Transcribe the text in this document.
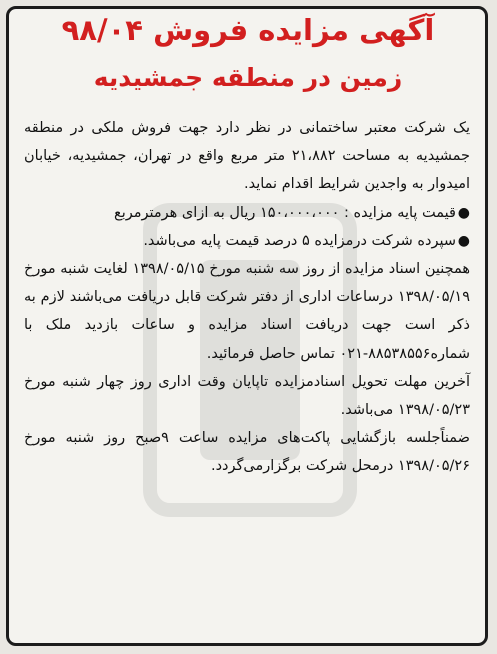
آگهی مزایده فروش ۹۸/۰۴
زمین در منطقه جمشیدیه

یک شرکت معتبر ساختمانی در نظر دارد جهت فروش ملکی در منطقه جمشیدیه به مساحت ۲۱،۸۸۲ متر مربع واقع در تهران، جمشیدیه، خیابان امیدوار به واجدین شرایط اقدام نماید.

●
قیمت پایه مزایده : ۱۵۰،۰۰۰،۰۰۰ ریال به ازای هرمترمربع
●
سپرده شرکت درمزایده ۵ درصد قیمت پایه می‌باشد.

همچنین اسناد مزایده از روز سه شنبه مورخ ۱۳۹۸/۰۵/۱۵ لغایت شنبه مورخ ۱۳۹۸/۰۵/۱۹ درساعات اداری از دفتر شرکت قابل دریافت می‌باشند لازم به ذکر است جهت دریافت اسناد مزایده و ساعات بازدید ملک با شماره۸۸۵۳۸۵۵۶-۰۲۱ تماس حاصل فرمائید.

آخرین مهلت تحویل اسنادمزایده تاپایان وقت اداری روز چهار شنبه مورخ ۱۳۹۸/۰۵/۲۳ می‌باشد.

ضمناًجلسه بازگشایی پاکت‌های مزایده ساعت ۹صبح روز شنبه مورخ ۱۳۹۸/۰۵/۲۶ درمحل شرکت برگزارمی‌گردد.
